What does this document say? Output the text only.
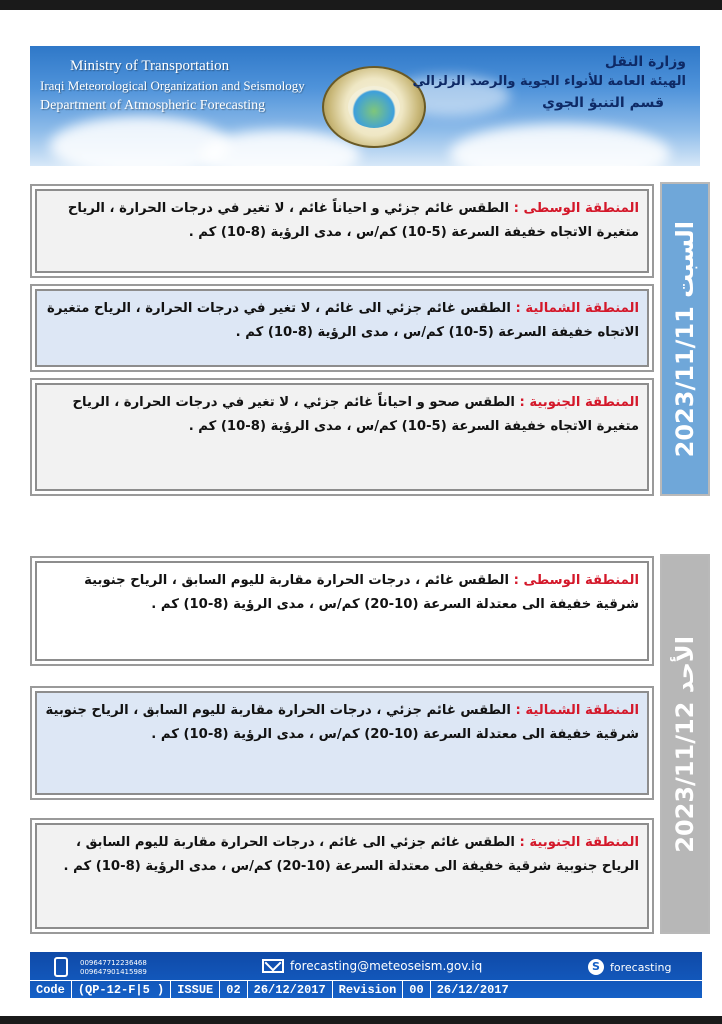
Ministry of Transportation
Iraqi Meteorological Organization and Seismology
Department of Atmospheric Forecasting
وزارة النقل
الهيئة العامة للأنواء الجوية والرصد الزلزالي
قسم التنبؤ الجوي
السبت 2023/11/11
المنطقة الوسطى : الطقس غائم جزئي و احياناً غائم ، لا تغير في درجات الحرارة ، الرياح متغيرة الاتجاه خفيفة السرعة (5-10) كم/س ، مدى الرؤية (8-10) كم .
المنطقة الشمالية : الطقس غائم جزئي الى غائم ، لا تغير في درجات الحرارة ، الرياح متغيرة الاتجاه خفيفة السرعة (5-10) كم/س ، مدى الرؤية (8-10) كم .
المنطقة الجنوبية : الطقس صحو و احياناً غائم جزئي ، لا تغير في درجات الحرارة ، الرياح متغيرة الاتجاه خفيفة السرعة (5-10) كم/س ، مدى الرؤية (8-10) كم .
الأحد 2023/11/12
المنطقة الوسطى : الطقس غائم ، درجات الحرارة مقاربة لليوم السابق ، الرياح جنوبية شرقية خفيفة الى معتدلة السرعة (10-20) كم/س ، مدى الرؤية (8-10) كم .
المنطقة الشمالية : الطقس غائم جزئي ، درجات الحرارة مقاربة لليوم السابق ، الرياح جنوبية شرقية خفيفة الى معتدلة السرعة (10-20) كم/س ، مدى الرؤية (8-10) كم .
المنطقة الجنوبية : الطقس غائم جزئي الى غائم ، درجات الحرارة مقاربة لليوم السابق ، الرياح جنوبية شرقية خفيفة الى معتدلة السرعة (10-20) كم/س ، مدى الرؤية (8-10) كم .
009647712236468
009647901415989	forecasting@meteoseism.gov.iq	S forecasting
Code	(QP-12-F|5 )	ISSUE	02	26/12/2017	Revision	00	26/12/2017
